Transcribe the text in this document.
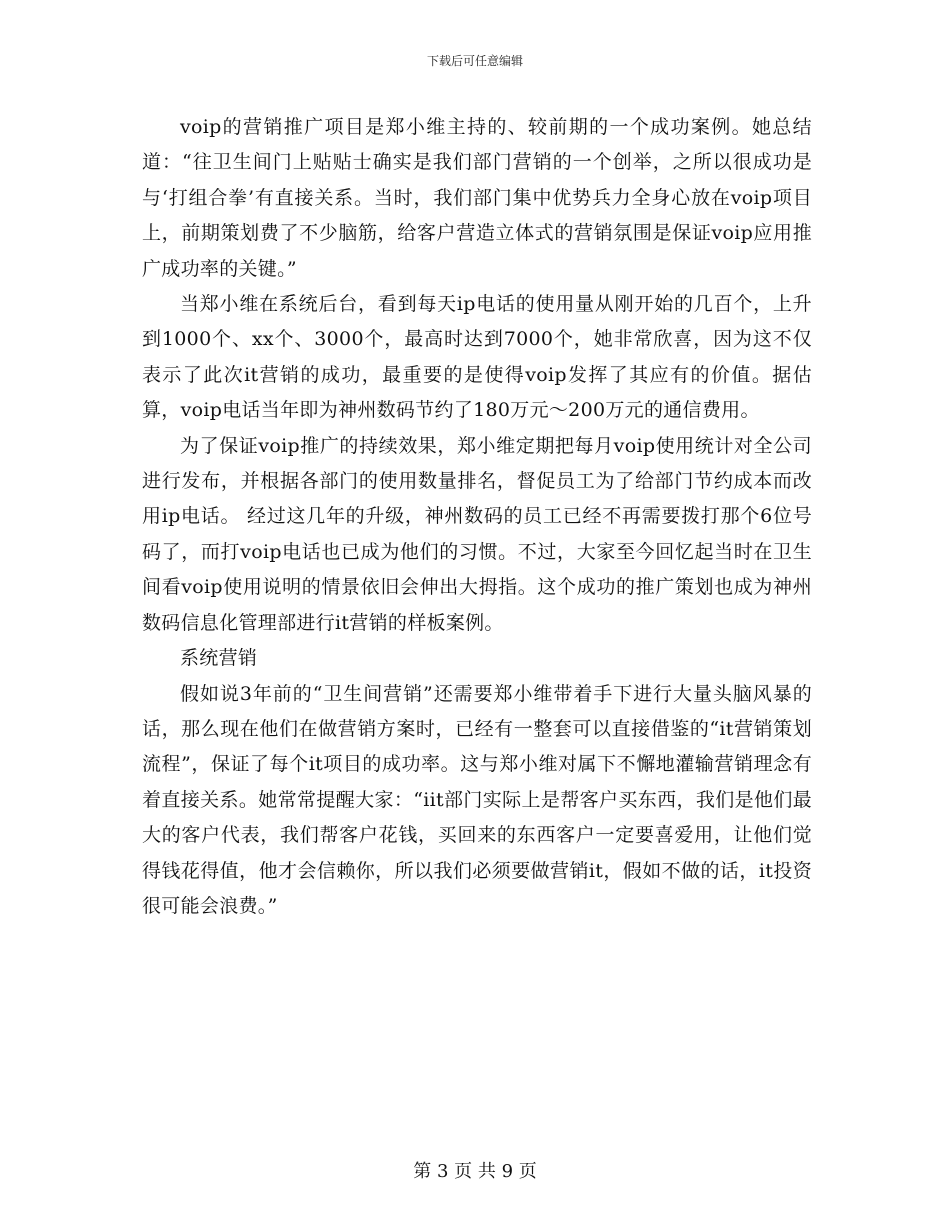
下载后可任意编辑

voip的营销推广项目是郑小维主持的、较前期的一个成功案例。她总结道：“往卫生间门上贴贴士确实是我们部门营销的一个创举，之所以很成功是与‘打组合拳’有直接关系。当时，我们部门集中优势兵力全身心放在voip项目上，前期策划费了不少脑筋，给客户营造立体式的营销氛围是保证voip应用推广成功率的关键。”

当郑小维在系统后台，看到每天ip电话的使用量从刚开始的几百个，上升到1000个、xx个、3000个，最高时达到7000个，她非常欣喜，因为这不仅表示了此次it营销的成功，最重要的是使得voip发挥了其应有的价值。据估算，voip电话当年即为神州数码节约了180万元～200万元的通信费用。

为了保证voip推广的持续效果，郑小维定期把每月voip使用统计对全公司进行发布，并根据各部门的使用数量排名，督促员工为了给部门节约成本而改用ip电话。 经过这几年的升级，神州数码的员工已经不再需要拨打那个6位号码了，而打voip电话也已成为他们的习惯。不过，大家至今回忆起当时在卫生间看voip使用说明的情景依旧会伸出大拇指。这个成功的推广策划也成为神州数码信息化管理部进行it营销的样板案例。

系统营销

假如说3年前的“卫生间营销”还需要郑小维带着手下进行大量头脑风暴的话，那么现在他们在做营销方案时，已经有一整套可以直接借鉴的“it营销策划流程”，保证了每个it项目的成功率。这与郑小维对属下不懈地灌输营销理念有着直接关系。她常常提醒大家：“iit部门实际上是帮客户买东西，我们是他们最大的客户代表，我们帮客户花钱，买回来的东西客户一定要喜爱用，让他们觉得钱花得值，他才会信赖你，所以我们必须要做营销it，假如不做的话，it投资很可能会浪费。”

第 3 页 共 9 页
